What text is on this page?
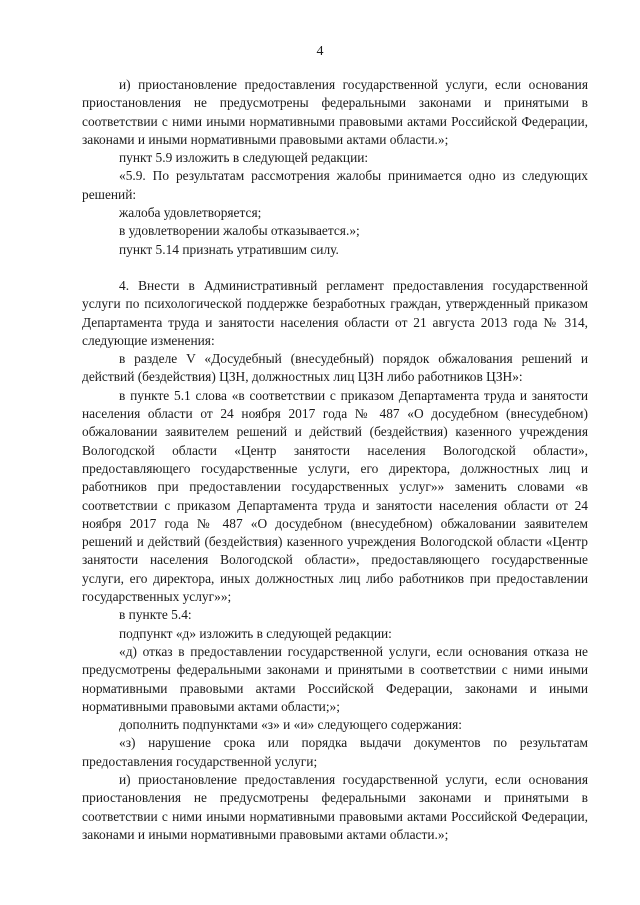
4

и) приостановление предоставления государственной услуги, если основания приостановления не предусмотрены федеральными законами и принятыми в соответствии с ними иными нормативными правовыми актами Российской Федерации, законами и иными нормативными правовыми актами области.»;

пункт 5.9 изложить в следующей редакции:

«5.9. По результатам рассмотрения жалобы принимается одно из следующих решений:

жалоба удовлетворяется;

в удовлетворении жалобы отказывается.»;

пункт 5.14 признать утратившим силу.

4. Внести в Административный регламент предоставления государственной услуги по психологической поддержке безработных граждан, утвержденный приказом Департамента труда и занятости населения области от 21 августа 2013 года № 314, следующие изменения:

в разделе V «Досудебный (внесудебный) порядок обжалования решений и действий (бездействия) ЦЗН, должностных лиц ЦЗН либо работников ЦЗН»:

в пункте 5.1 слова «в соответствии с приказом Департамента труда и занятости населения области от 24 ноября 2017 года № 487 «О досудебном (внесудебном) обжаловании заявителем решений и действий (бездействия) казенного учреждения Вологодской области «Центр занятости населения Вологодской области», предоставляющего государственные услуги, его директора, должностных лиц и работников при предоставлении государственных услуг»» заменить словами «в соответствии с приказом Департамента труда и занятости населения области от 24 ноября 2017 года № 487 «О досудебном (внесудебном) обжаловании заявителем решений и действий (бездействия) казенного учреждения Вологодской области «Центр занятости населения Вологодской области», предоставляющего государственные услуги, его директора, иных должностных лиц либо работников при предоставлении государственных услуг»»;

в пункте 5.4:

подпункт «д» изложить в следующей редакции:

«д) отказ в предоставлении государственной услуги, если основания отказа не предусмотрены федеральными законами и принятыми в соответствии с ними иными нормативными правовыми актами Российской Федерации, законами и иными нормативными правовыми актами области;»;

дополнить подпунктами «з» и «и» следующего содержания:

«з) нарушение срока или порядка выдачи документов по результатам предоставления государственной услуги;

и) приостановление предоставления государственной услуги, если основания приостановления не предусмотрены федеральными законами и принятыми в соответствии с ними иными нормативными правовыми актами Российской Федерации, законами и иными нормативными правовыми актами области.»;
